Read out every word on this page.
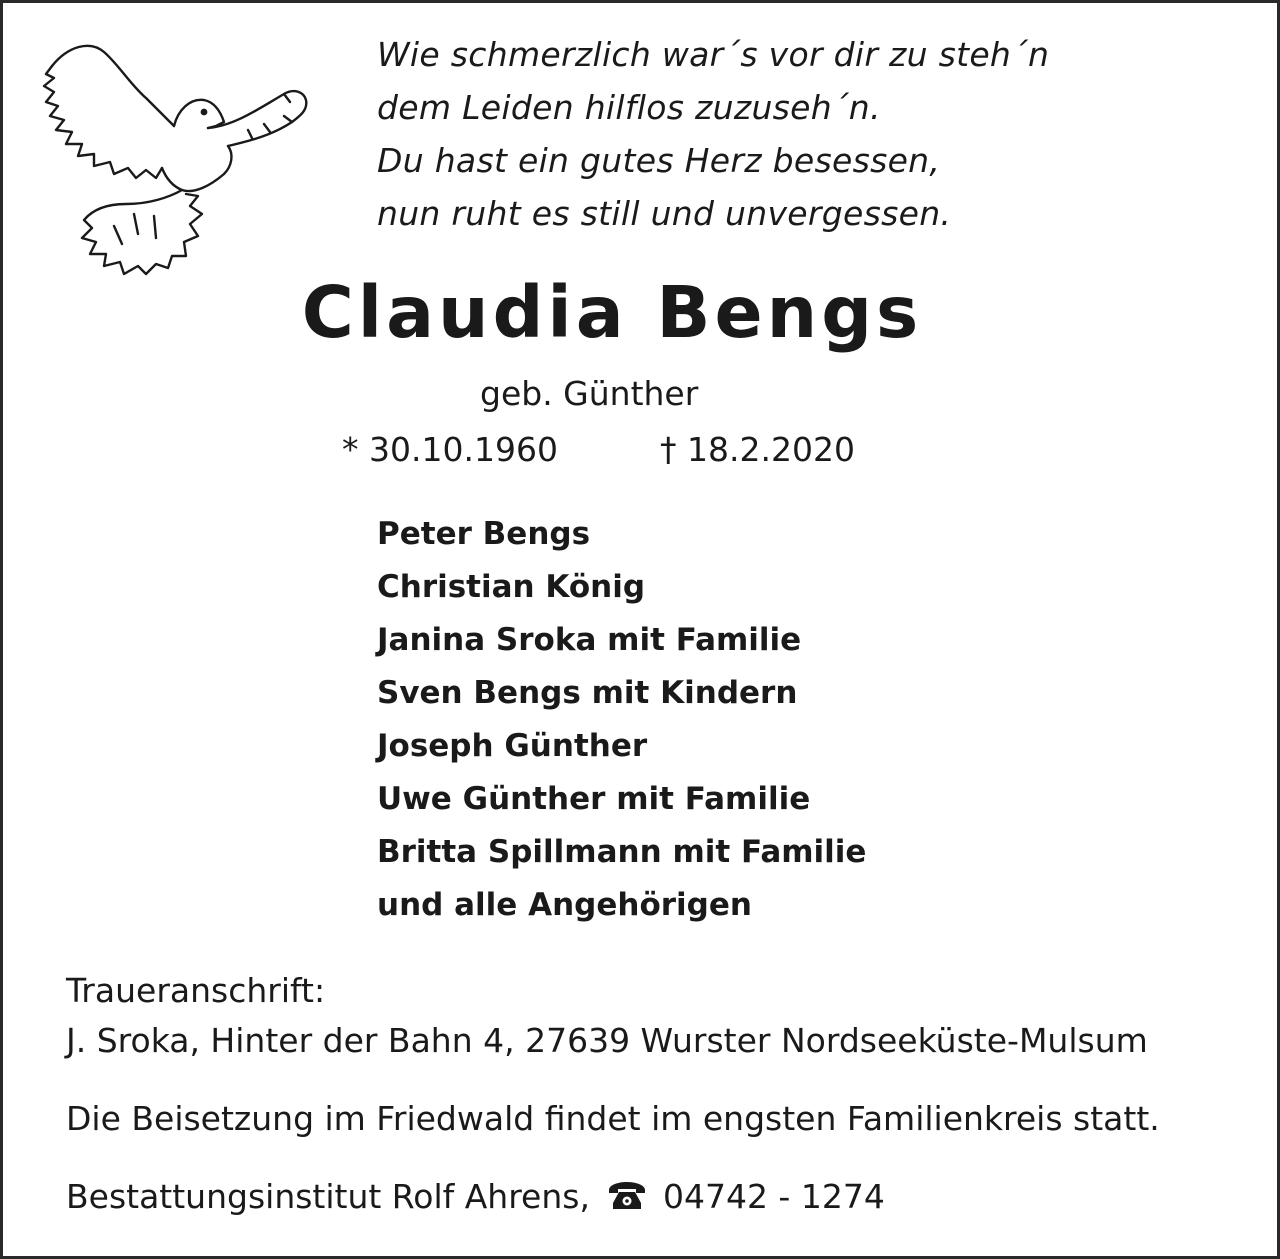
Wie schmerzlich war´s vor dir zu steh´n
dem Leiden hilflos zuzuseh´n.
Du hast ein gutes Herz besessen,
nun ruht es still und unvergessen.
Claudia Bengs
geb. Günther
* 30.10.1960	† 18.2.2020
Peter Bengs
Christian König
Janina Sroka mit Familie
Sven Bengs mit Kindern
Joseph Günther
Uwe Günther mit Familie
Britta Spillmann mit Familie
und alle Angehörigen
Traueranschrift:
J. Sroka, Hinter der Bahn 4, 27639 Wurster Nordseeküste-Mulsum
Die Beisetzung im Friedwald findet im engsten Familienkreis statt.
Bestattungsinstitut Rolf Ahrens, 04742 - 1274
